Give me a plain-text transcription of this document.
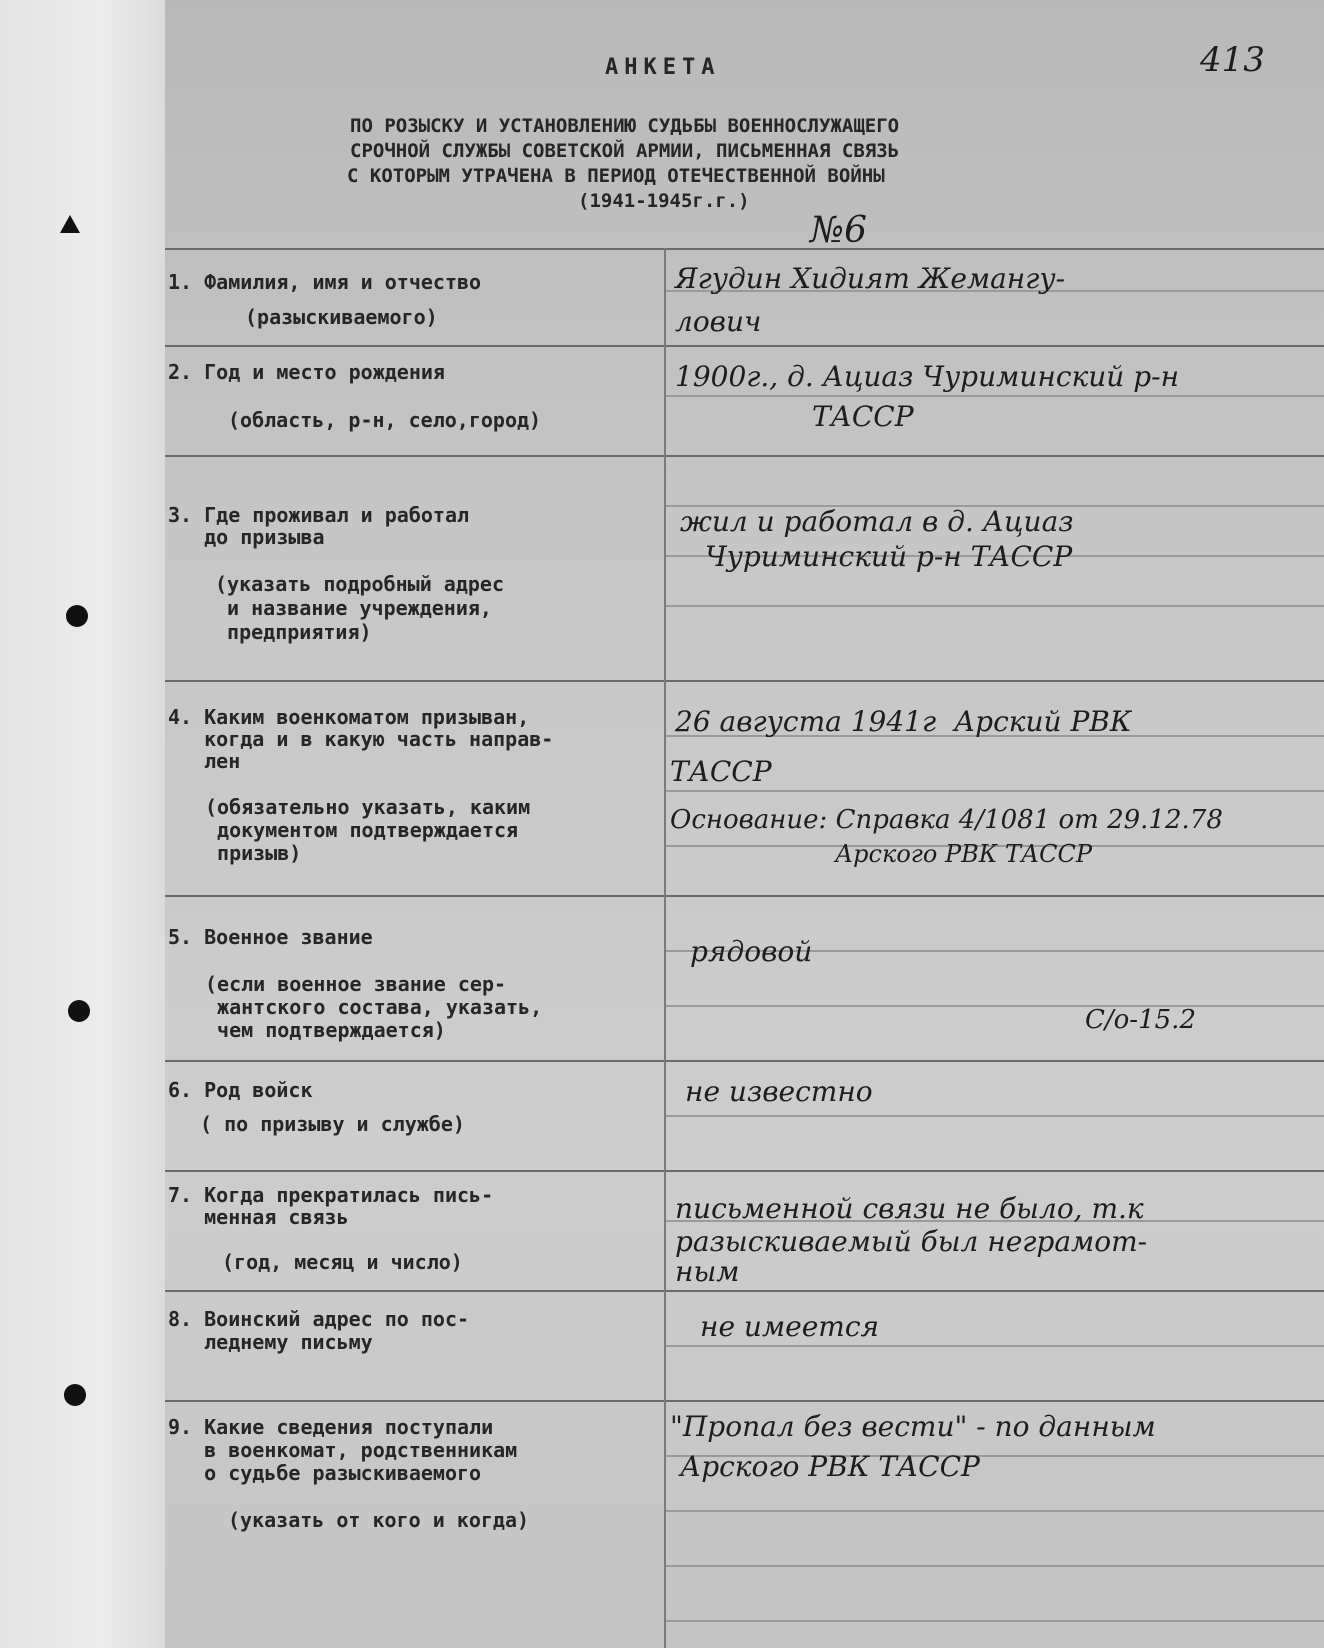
АНКЕТА
ПО РОЗЫСКУ И УСТАНОВЛЕНИЮ СУДЬБЫ ВОЕННОСЛУЖАЩЕГО
СРОЧНОЙ СЛУЖБЫ СОВЕТСКОЙ АРМИИ, ПИСЬМЕННАЯ СВЯЗЬ
С КОТОРЫМ УТРАЧЕНА В ПЕРИОД ОТЕЧЕСТВЕННОЙ ВОЙНЫ
(1941-1945г.г.)
413
№6
1. Фамилия, имя и отчество
(разыскиваемого)
Ягудин Хидият Жемангу-
лович
2. Год и место рождения
(область, р-н, село,город)
1900г., д. Ациаз Чуриминский р-н
ТАССР
3. Где проживал и работал
до призыва
(указать подробный адрес
и название учреждения,
предприятия)
жил и работал в д. Ациаз
Чуриминский р-н ТАССР
4. Каким военкоматом призыван,
когда и в какую часть направ-
лен
(обязательно указать, каким
документом подтверждается
призыв)
26 августа 1941г  Арский РВК
ТАССР
Основание: Справка 4/1081 от 29.12.78
Арского РВК ТАССР
5. Военное звание
(если военное звание сер-
жантского состава, указать,
чем подтверждается)
рядовой
С/о-15.2
6. Род войск
( по призыву и службе)
не известно
7. Когда прекратилась пись-
менная связь
(год, месяц и число)
письменной связи не было, т.к
разыскиваемый был неграмот-
ным
8. Воинский адрес по пос-
леднему письму	не имеется
9. Какие сведения поступали
в военкомат, родственникам
о судьбе разыскиваемого
(указать от кого и когда)
"Пропал без вести" - по данным
Арского РВК ТАССР
